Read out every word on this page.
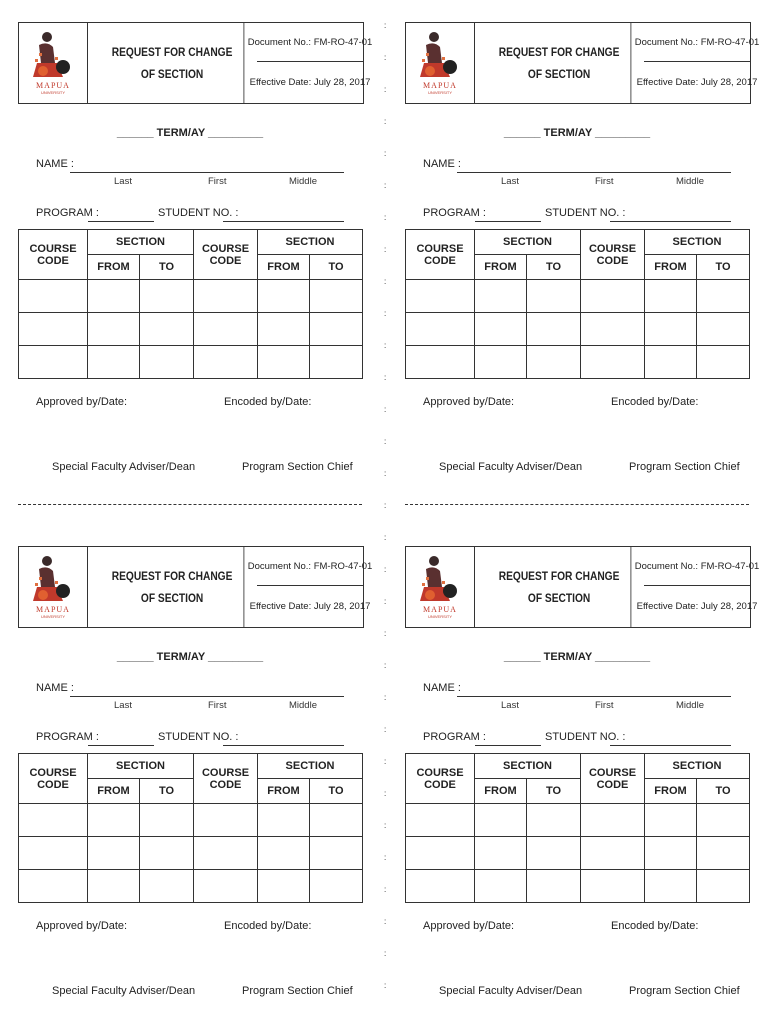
MAPUA
UNIVERSITY
REQUEST FOR CHANGE
OF SECTION
Document No.: FM-RO-47-01
Effective Date: July 28, 2017
______ TERM/AY _________
NAME :
Last	First	Middle
PROGRAM :	STUDENT NO. :
COURSE CODE	SECTION		COURSE CODE	SECTION	
	FROM	TO		FROM	TO

Approved by/Date:	Encoded by/Date:
Special Faculty Adviser/Dean	Program Section Chief
MAPUA
UNIVERSITY
REQUEST FOR CHANGE
OF SECTION
Document No.: FM-RO-47-01
Effective Date: July 28, 2017
______ TERM/AY _________
NAME :
Last	First	Middle
PROGRAM :	STUDENT NO. :
COURSE CODE	SECTION		COURSE CODE	SECTION	
	FROM	TO		FROM	TO

Approved by/Date:	Encoded by/Date:
Special Faculty Adviser/Dean	Program Section Chief
MAPUA
UNIVERSITY
REQUEST FOR CHANGE
OF SECTION
Document No.: FM-RO-47-01
Effective Date: July 28, 2017
______ TERM/AY _________
NAME :
Last	First	Middle
PROGRAM :	STUDENT NO. :
COURSE CODE	SECTION		COURSE CODE	SECTION	
	FROM	TO		FROM	TO

Approved by/Date:	Encoded by/Date:
Special Faculty Adviser/Dean	Program Section Chief
MAPUA
UNIVERSITY
REQUEST FOR CHANGE
OF SECTION
Document No.: FM-RO-47-01
Effective Date: July 28, 2017
______ TERM/AY _________
NAME :
Last	First	Middle
PROGRAM :	STUDENT NO. :
COURSE CODE	SECTION		COURSE CODE	SECTION	
	FROM	TO		FROM	TO

Approved by/Date:	Encoded by/Date:
Special Faculty Adviser/Dean	Program Section Chief
:
:
:
:
:
:
:
:
:
:
:
:
:
:
:
:
:
:
:
:
:
:
:
:
:
:
:
:
:
:
:
